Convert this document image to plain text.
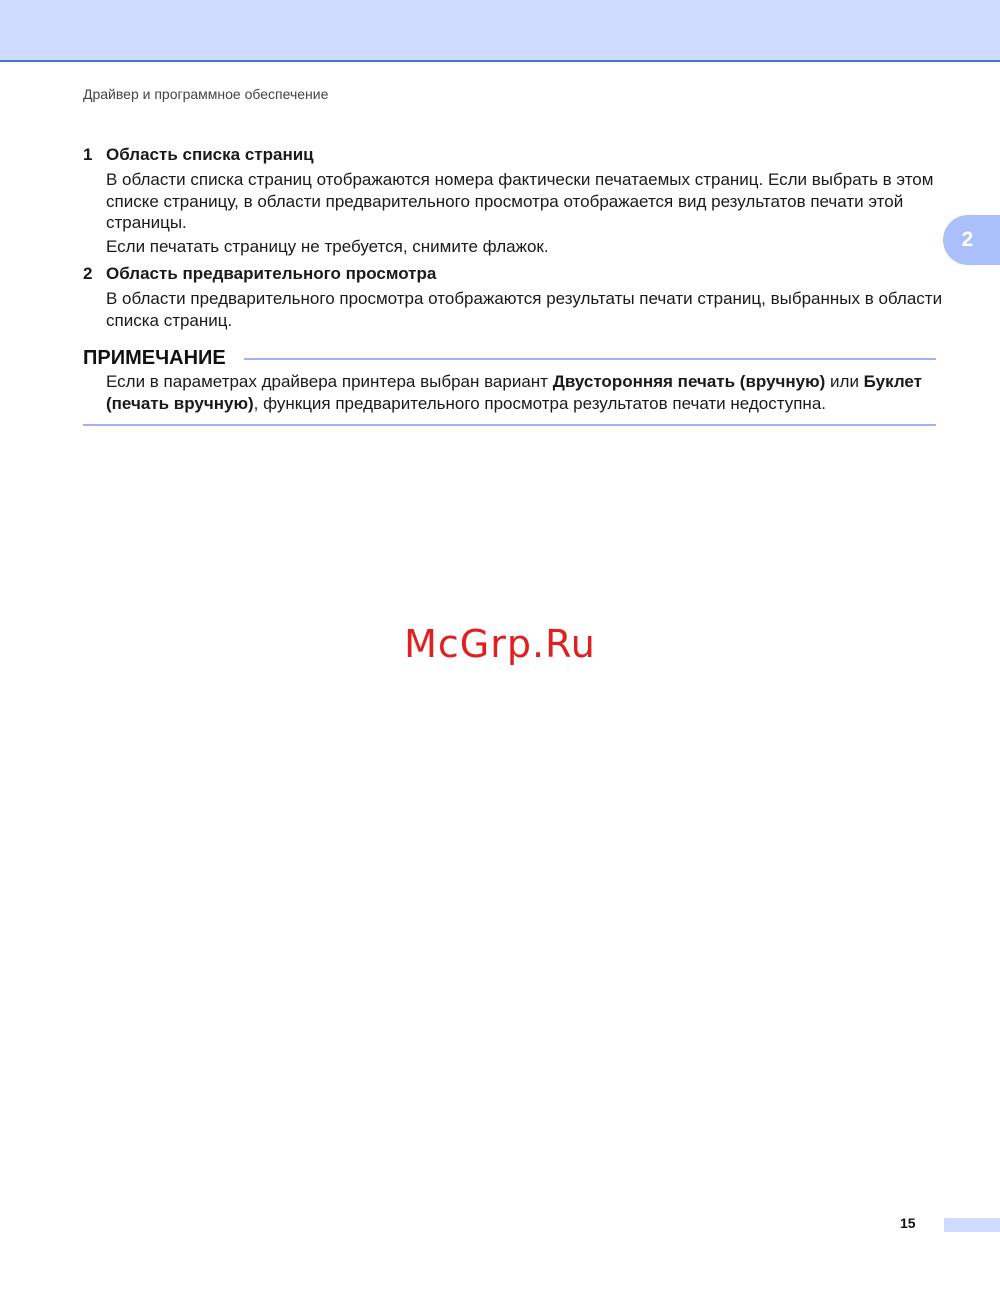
Драйвер и программное обеспечение
2
1 Область списка страниц

В области списка страниц отображаются номера фактически печатаемых страниц. Если выбрать в этом списке страницу, в области предварительного просмотра отображается вид результатов печати этой страницы.

Если печатать страницу не требуется, снимите флажок.

2 Область предварительного просмотра

В области предварительного просмотра отображаются результаты печати страниц, выбранных в области списка страниц.

ПРИМЕЧАНИЕ
Если в параметрах драйвера принтера выбран вариант Двусторонняя печать (вручную) или Буклет (печать вручную), функция предварительного просмотра результатов печати недоступна.
McGrp.Ru
15
